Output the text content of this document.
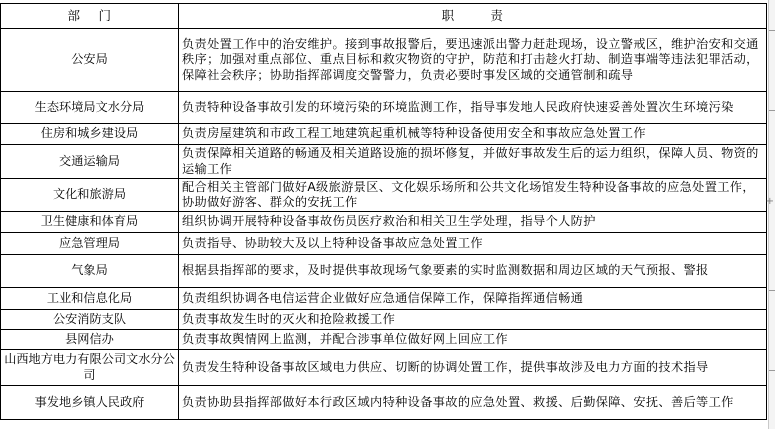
部    门	职        责
公安局	负责处置工作中的治安维护。接到事故报警后，要迅速派出警力赶赴现场，设立警戒区，维护治安和交通秩序；加强对重点部位、重点目标和救灾物资的守护，防范和打击趁火打劫、制造事端等违法犯罪活动，保障社会秩序；协助指挥部调度交警警力，负责必要时事发区域的交通管制和疏导
生态环境局文水分局	负责特种设备事故引发的环境污染的环境监测工作，指导事发地人民政府快速妥善处置次生环境污染
住房和城乡建设局	负责房屋建筑和市政工程工地建筑起重机械等特种设备使用安全和事故应急处置工作
交通运输局	负责保障相关道路的畅通及相关道路设施的损坏修复，并做好事故发生后的运力组织，保障人员、物资的运输工作
文化和旅游局	配合相关主管部门做好A级旅游景区、文化娱乐场所和公共文化场馆发生特种设备事故的应急处置工作，协助做好游客、群众的安抚工作
卫生健康和体育局	组织协调开展特种设备事故伤员医疗救治和相关卫生学处理，指导个人防护
应急管理局	负责指导、协助较大及以上特种设备事故应急处置工作
气象局	根据县指挥部的要求，及时提供事故现场气象要素的实时监测数据和周边区域的天气预报、警报
工业和信息化局	负责组织协调各电信运营企业做好应急通信保障工作，保障指挥通信畅通
公安消防支队	负责事故发生时的灭火和抢险救援工作
县网信办	负责事故舆情网上监测，并配合涉事单位做好网上回应工作
山西地方电力有限公司文水分公司	负责发生特种设备事故区域电力供应、切断的协调处置工作，提供事故涉及电力方面的技术指导
事发地乡镇人民政府	负责协助县指挥部做好本行政区域内特种设备事故的应急处置、救援、后勤保障、安抚、善后等工作
+
